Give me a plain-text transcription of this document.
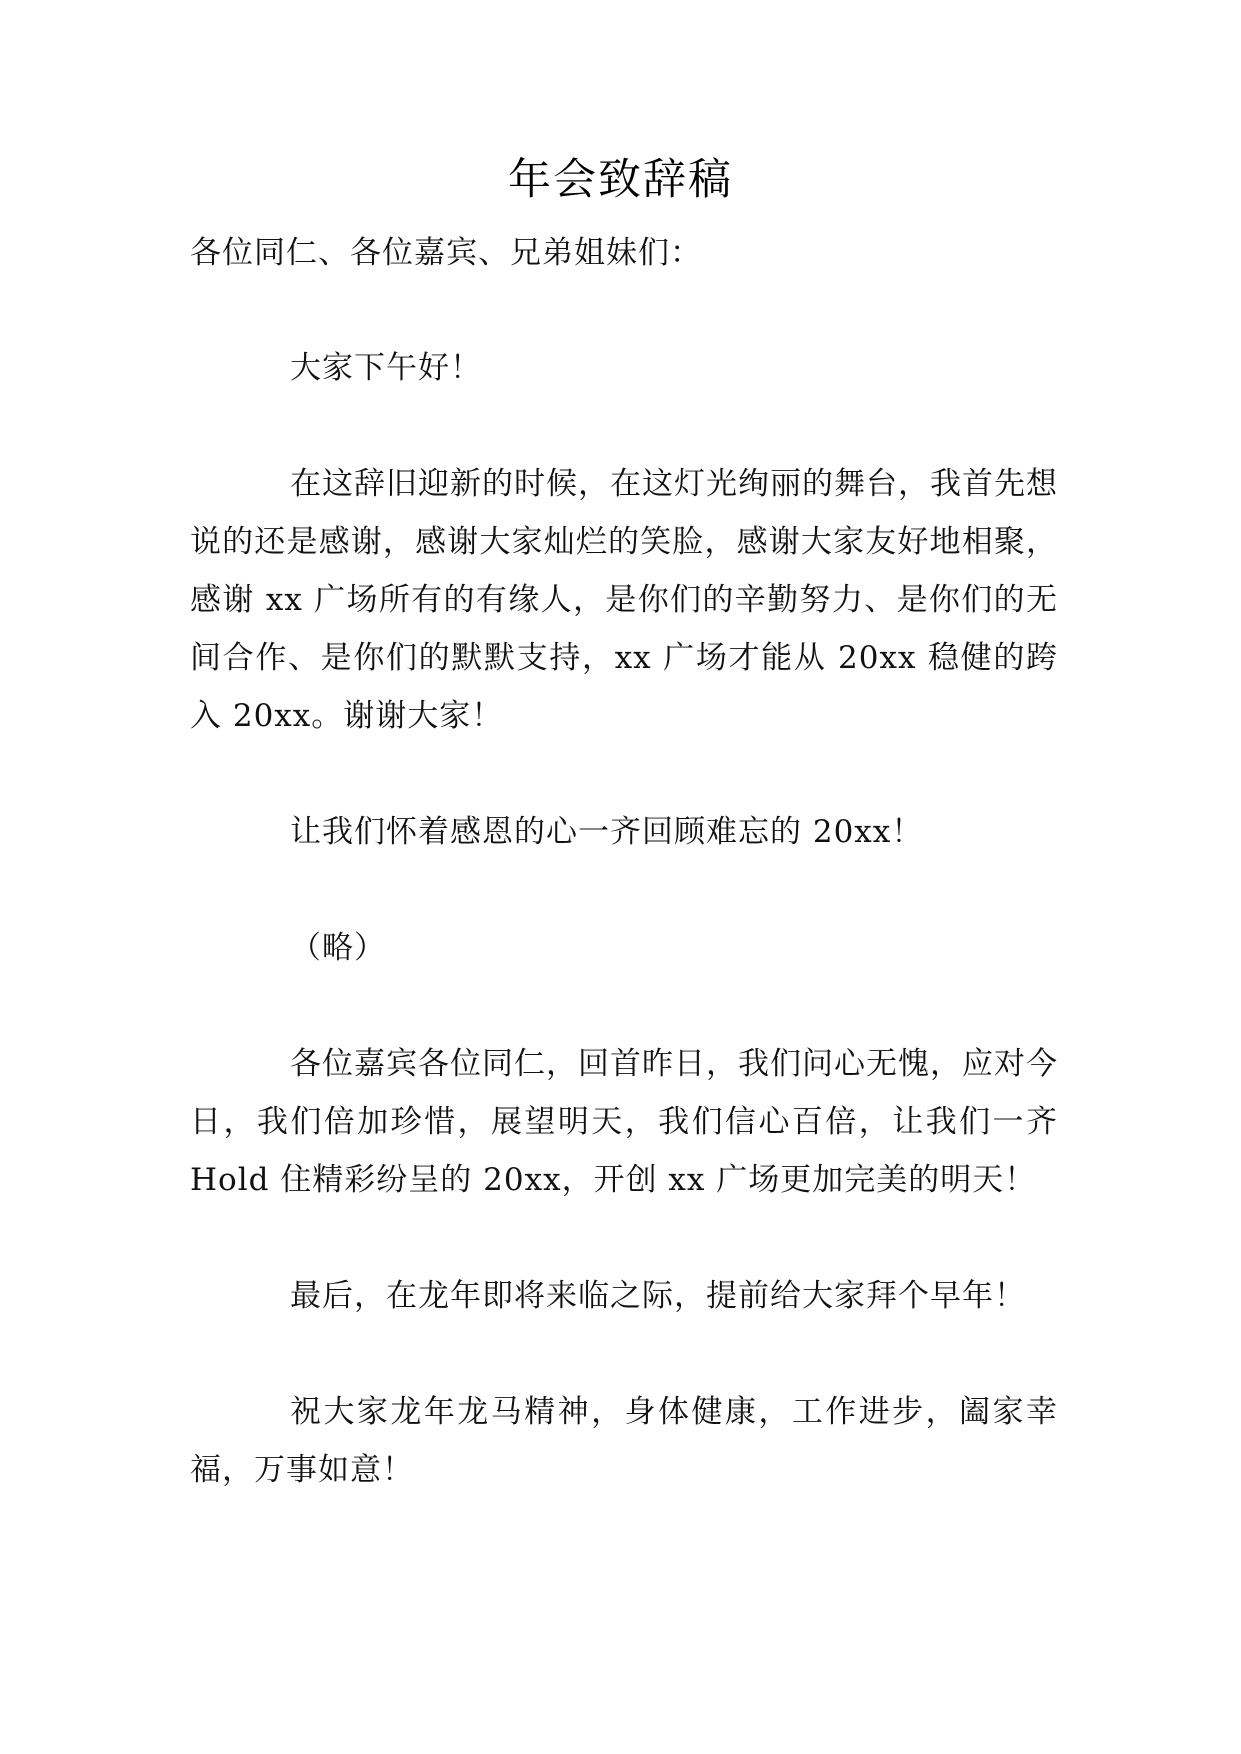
年会致辞稿
各位同仁、各位嘉宾、兄弟姐妹们：

大家下午好！

在这辞旧迎新的时候，在这灯光绚丽的舞台，我首先想说的还是感谢，感谢大家灿烂的笑脸，感谢大家友好地相聚，感谢 xx 广场所有的有缘人，是你们的辛勤努力、是你们的无间合作、是你们的默默支持，xx 广场才能从 20xx 稳健的跨入 20xx。谢谢大家！

让我们怀着感恩的心一齐回顾难忘的 20xx！

（略）

各位嘉宾各位同仁，回首昨日，我们问心无愧，应对今日，我们倍加珍惜，展望明天，我们信心百倍，让我们一齐 Hold 住精彩纷呈的 20xx，开创 xx 广场更加完美的明天！

最后，在龙年即将来临之际，提前给大家拜个早年！

祝大家龙年龙马精神，身体健康，工作进步，阖家幸福，万事如意！
